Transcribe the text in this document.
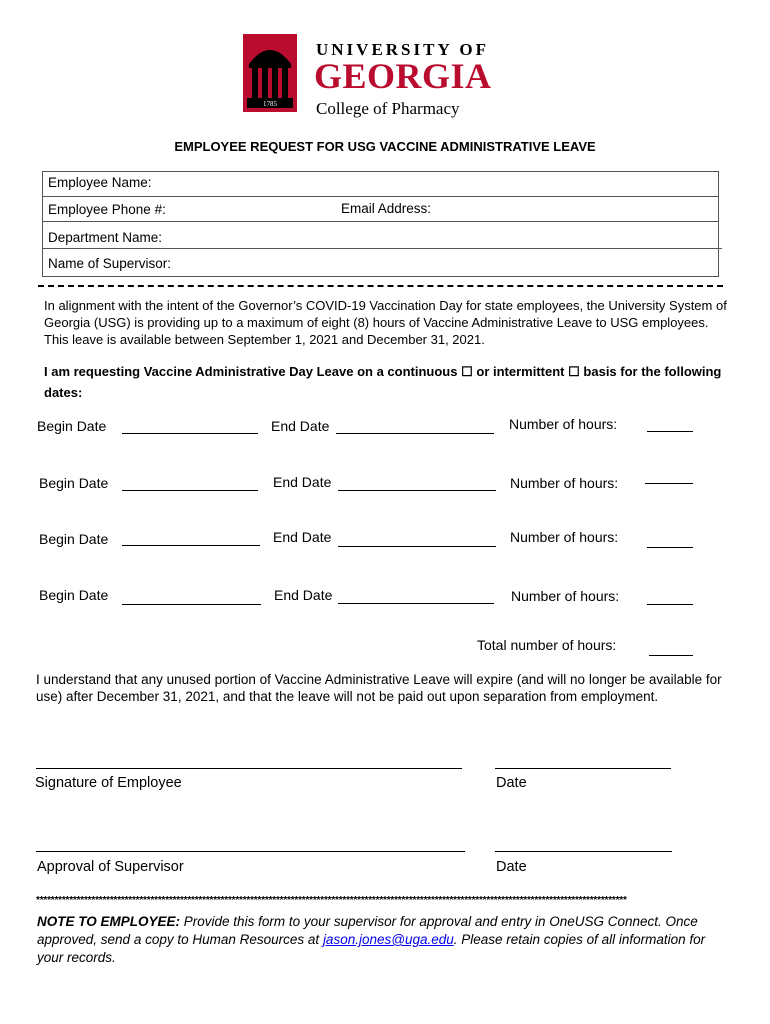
1785
UNIVERSITY OF
GEORGIA
College of Pharmacy
EMPLOYEE REQUEST FOR USG VACCINE ADMINISTRATIVE LEAVE
Employee Name:
Employee Phone #:	Email Address:
Department Name:
Name of Supervisor:
In alignment with the intent of the Governor’s COVID-19 Vaccination Day for state employees, the University System of Georgia (USG) is providing up to a maximum of eight (8) hours of Vaccine Administrative Leave to USG employees. This leave is available between September 1, 2021 and December 31, 2021.
I am requesting Vaccine Administrative Day Leave on a continuous ☐ or intermittent ☐ basis for the following dates:
Begin Date	End Date	Number of hours:
Begin Date	End Date	Number of hours:
Begin Date	End Date	Number of hours:
Begin Date	End Date	Number of hours:
Total number of hours:
I understand that any unused portion of Vaccine Administrative Leave will expire (and will no longer be available for use) after December 31, 2021, and that the leave will not be paid out upon separation from employment.
Signature of Employee	Date
Approval of Supervisor	Date
****************************************************************************************************************************************************************
NOTE TO EMPLOYEE: Provide this form to your supervisor for approval and entry in OneUSG Connect. Once approved, send a copy to Human Resources at jason.jones@uga.edu. Please retain copies of all information for your records.
